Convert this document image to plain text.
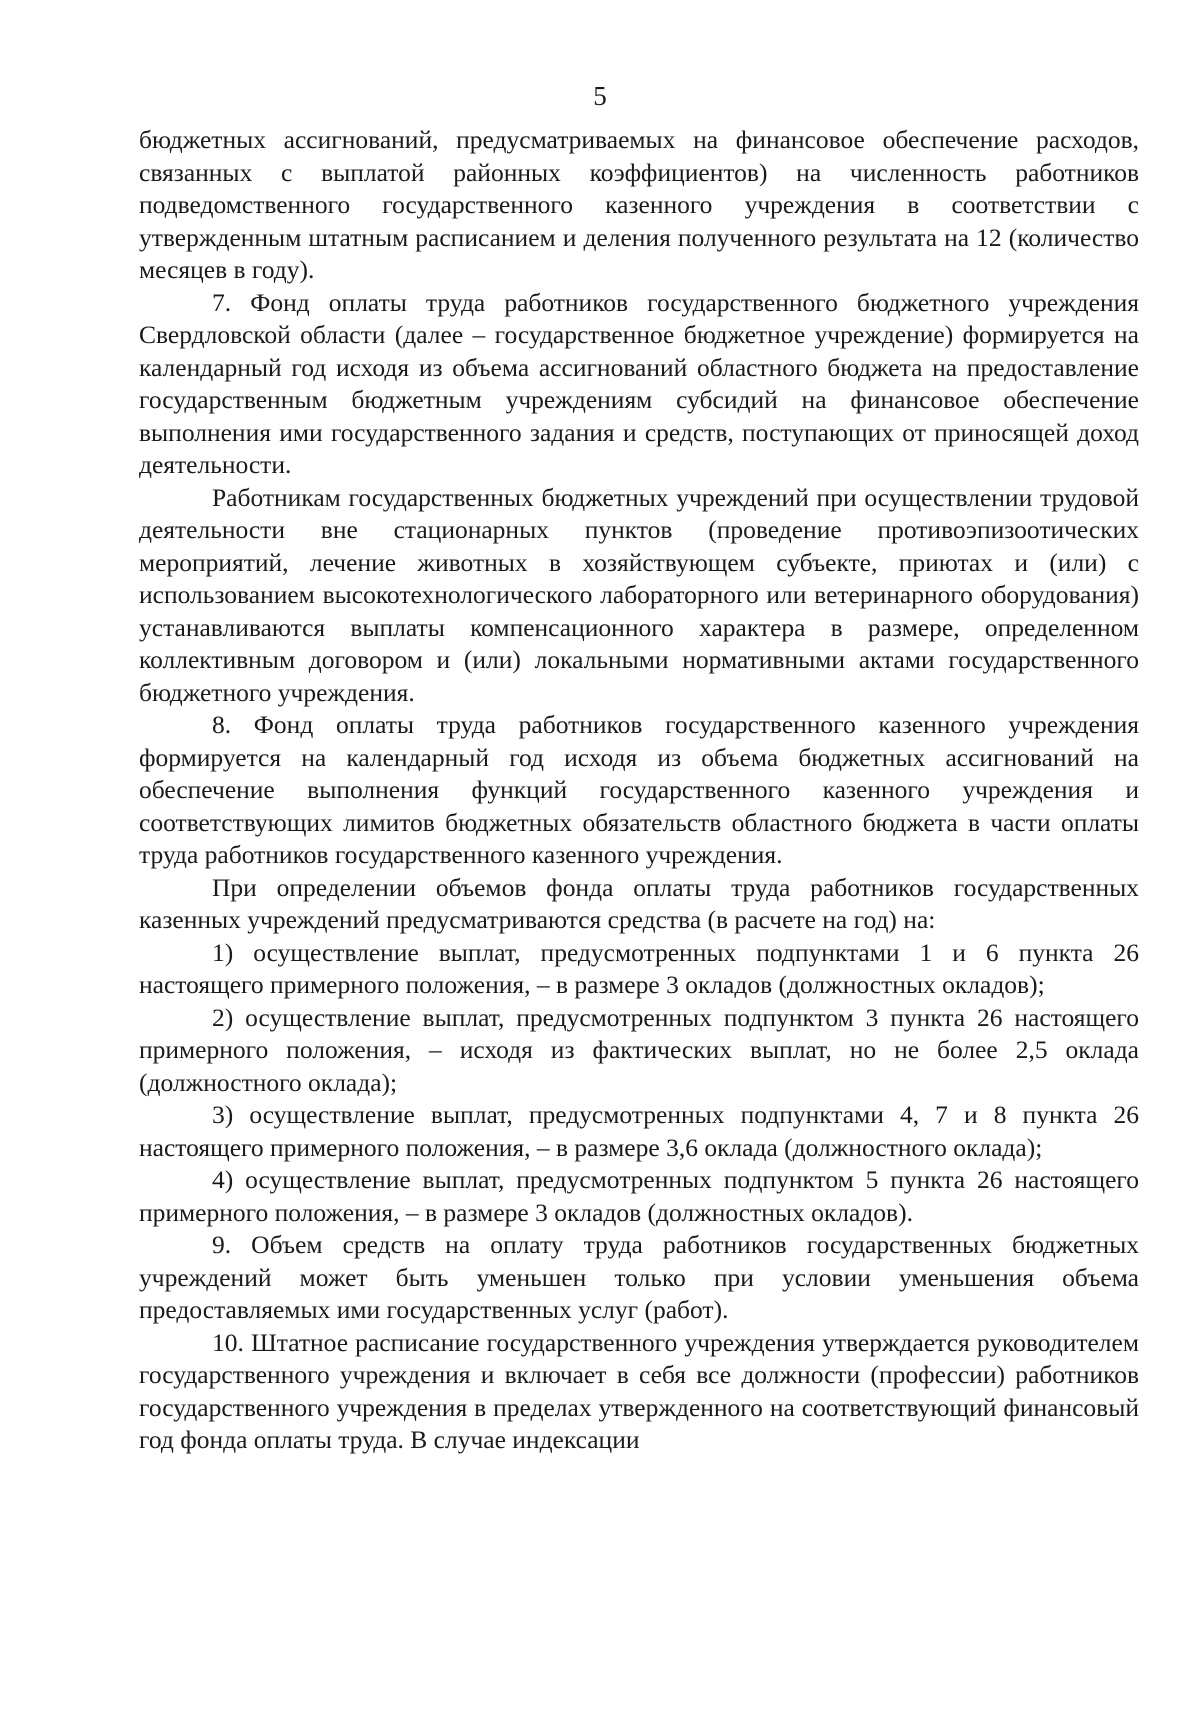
5

бюджетных ассигнований, предусматриваемых на финансовое обеспечение расходов, связанных с выплатой районных коэффициентов) на численность работников подведомственного государственного казенного учреждения в соответствии с утвержденным штатным расписанием и деления полученного результата на 12 (количество месяцев в году).

7. Фонд оплаты труда работников государственного бюджетного учреждения Свердловской области (далее – государственное бюджетное учреждение) формируется на календарный год исходя из объема ассигнований областного бюджета на предоставление государственным бюджетным учреждениям субсидий на финансовое обеспечение выполнения ими государственного задания и средств, поступающих от приносящей доход деятельности.

Работникам государственных бюджетных учреждений при осуществлении трудовой деятельности вне стационарных пунктов (проведение противоэпизоотических мероприятий, лечение животных в хозяйствующем субъекте, приютах и (или) с использованием высокотехнологического лабораторного или ветеринарного оборудования) устанавливаются выплаты компенсационного характера в размере, определенном коллективным договором и (или) локальными нормативными актами государственного бюджетного учреждения.

8. Фонд оплаты труда работников государственного казенного учреждения формируется на календарный год исходя из объема бюджетных ассигнований на обеспечение выполнения функций государственного казенного учреждения и соответствующих лимитов бюджетных обязательств областного бюджета в части оплаты труда работников государственного казенного учреждения.

При определении объемов фонда оплаты труда работников государственных казенных учреждений предусматриваются средства (в расчете на год) на:

1) осуществление выплат, предусмотренных подпунктами 1 и 6 пункта 26 настоящего примерного положения, – в размере 3 окладов (должностных окладов);

2) осуществление выплат, предусмотренных подпунктом 3 пункта 26 настоящего примерного положения, – исходя из фактических выплат, но не более 2,5 оклада (должностного оклада);

3) осуществление выплат, предусмотренных подпунктами 4, 7 и 8 пункта 26 настоящего примерного положения, – в размере 3,6 оклада (должностного оклада);

4) осуществление выплат, предусмотренных подпунктом 5 пункта 26 настоящего примерного положения, – в размере 3 окладов (должностных окладов).

9. Объем средств на оплату труда работников государственных бюджетных учреждений может быть уменьшен только при условии уменьшения объема предоставляемых ими государственных услуг (работ).

10. Штатное расписание государственного учреждения утверждается руководителем государственного учреждения и включает в себя все должности (профессии) работников государственного учреждения в пределах утвержденного на соответствующий финансовый год фонда оплаты труда. В случае индексации
